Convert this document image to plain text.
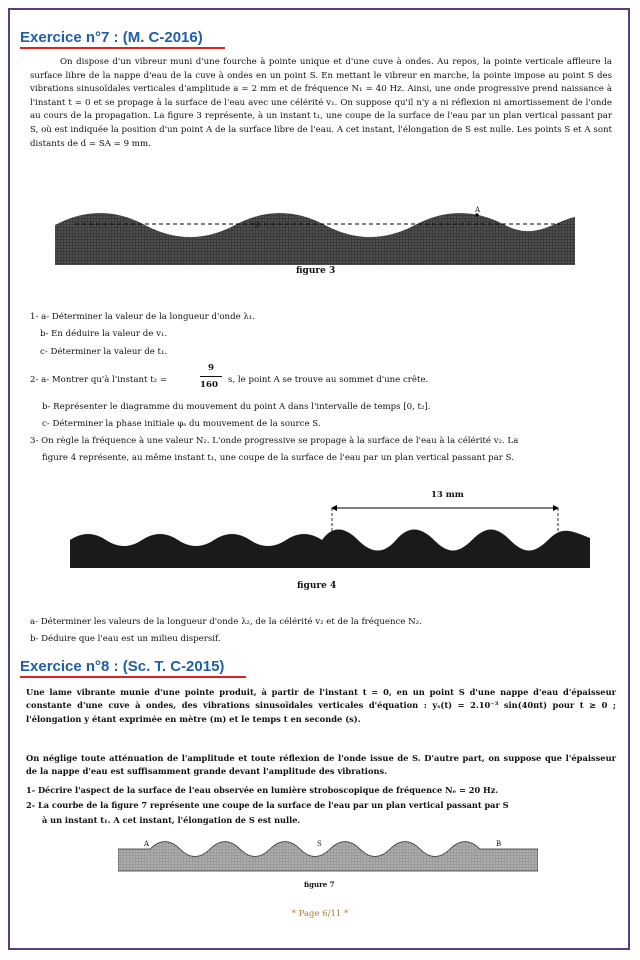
Exercice n°7 : (M. C-2016)
On dispose d'un vibreur muni d'une fourche à pointe unique et d'une cuve à ondes. Au repos, la pointe verticale affleure la surface libre de la nappe d'eau de la cuve à ondes en un point S. En mettant le vibreur en marche, la pointe impose au point S des vibrations sinusoïdales verticales d'amplitude a = 2 mm et de fréquence N₁ = 40 Hz. Ainsi, une onde progressive prend naissance à l'instant t = 0 et se propage à la surface de l'eau avec une célérité v₁. On suppose qu'il n'y a ni réflexion ni amortissement de l'onde au cours de la propagation. La figure 3 représente, à un instant t₁, une coupe de la surface de l'eau par un plan vertical passant par S, où est indiquée la position d'un point A de la surface libre de l'eau. A cet instant, l'élongation de S est nulle. Les points S et A sont distants de d = SA = 9 mm.
S
A
figure 3
1- a- Déterminer la valeur de la longueur d'onde λ₁.
b- En déduire la valeur de v₁.
c- Déterminer la valeur de t₁.
2- a- Montrer qu'à l'instant t₂ =
9
160 s, le point A se trouve au sommet d'une crête.
b- Représenter le diagramme du mouvement du point A dans l'intervalle de temps [0, t₂].
c- Déterminer la phase initiale φₛ du mouvement de la source S.
3- On règle la fréquence à une valeur N₂. L'onde progressive se propage à la surface de l'eau à la célérité v₂. La
figure 4 représente, au même instant t₁, une coupe de la surface de l'eau par un plan vertical passant par S.
13 mm
figure 4
a- Déterminer les valeurs de la longueur d'onde λ₂, de la célérité v₂ et de la fréquence N₂.
b- Déduire que l'eau est un milieu dispersif.
Exercice n°8 : (Sc. T. C-2015)
Une lame vibrante munie d'une pointe produit, à partir de l'instant t = 0, en un point S d'une nappe d'eau d'épaisseur constante d'une cuve à ondes, des vibrations sinusoïdales verticales d'équation : yₛ(t) = 2.10⁻³ sin(40πt) pour t ≥ 0 ; l'élongation y étant exprimée en mètre (m) et le temps t en seconde (s).
On néglige toute atténuation de l'amplitude et toute réflexion de l'onde issue de S. D'autre part, on suppose que l'épaisseur de la nappe d'eau est suffisamment grande devant l'amplitude des vibrations.
1- Décrire l'aspect de la surface de l'eau observée en lumière stroboscopique de fréquence Nₑ = 20 Hz.
2- La courbe de la figure 7 représente une coupe de la surface de l'eau par un plan vertical passant par S
à un instant t₁. A cet instant, l'élongation de S est nulle.
A	S	B
figure 7
* Page 6/11 *
